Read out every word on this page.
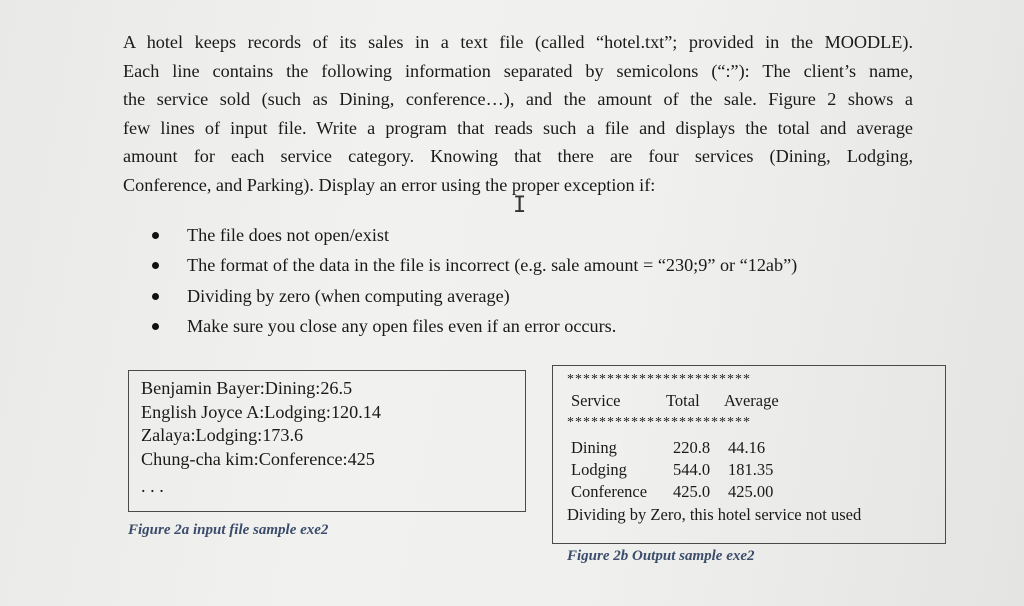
A hotel keeps records of its sales in a text file (called “hotel.txt”; provided in the MOODLE).
Each line contains the following information separated by semicolons (“:”): The client’s name,
the service sold (such as Dining, conference…), and the amount of the sale. Figure 2 shows a
few lines of input file. Write a program that reads such a file and displays the total and average
amount for each service category. Knowing that there are four services (Dining, Lodging,
Conference, and Parking). Display an error using the proper exception if:
I
The file does not open/exist
The format of the data in the file is incorrect (e.g. sale amount = “230;9” or “12ab”)
Dividing by zero (when computing average)
Make sure you close any open files even if an error occurs.
Benjamin Bayer:Dining:26.5
English Joyce A:Lodging:120.14
Zalaya:Lodging:173.6
Chung-cha kim:Conference:425
. . .
Figure 2a input file sample exe2
***********************
Service	Total	Average
***********************
Dining	220.8	44.16
Lodging	544.0	181.35
Conference	425.0	425.00
Dividing by Zero, this hotel service not used
Figure 2b Output sample exe2
